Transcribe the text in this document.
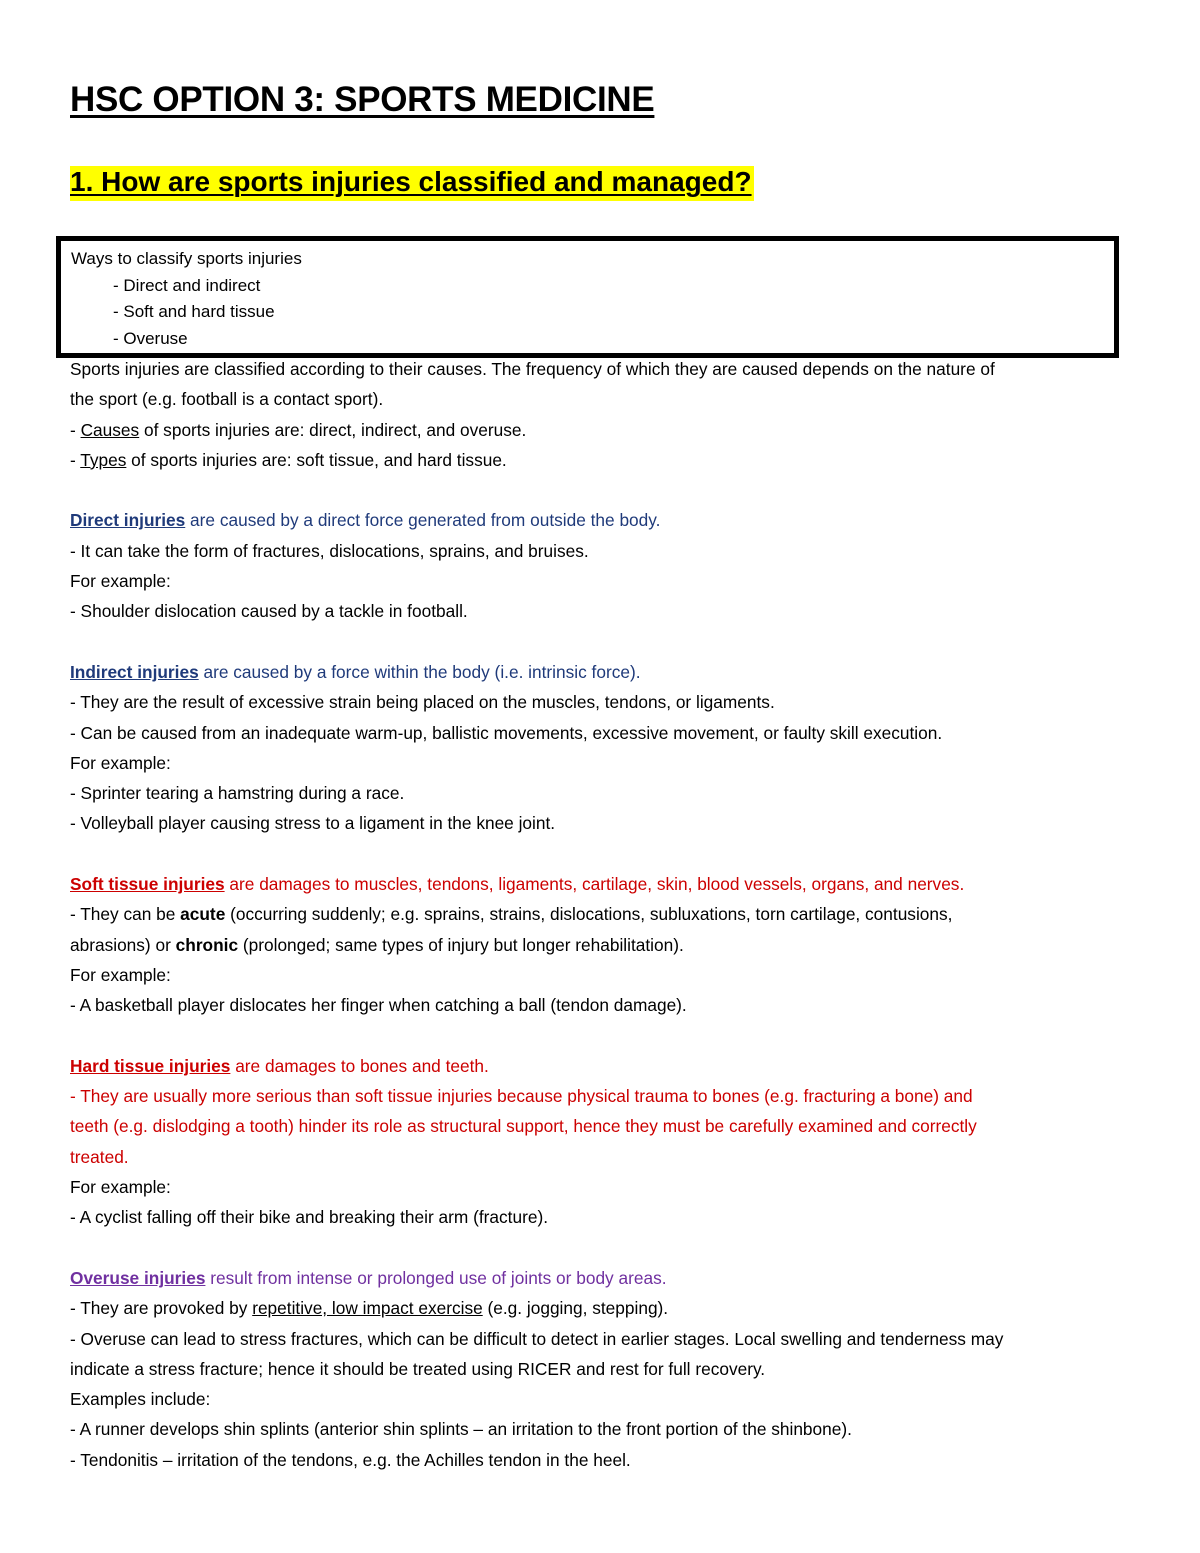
HSC OPTION 3: SPORTS MEDICINE
1. How are sports injuries classified and managed?
Ways to classify sports injuries
- Direct and indirect
- Soft and hard tissue
- Overuse

Sports injuries are classified according to their causes. The frequency of which they are caused depends on the nature of

the sport (e.g. football is a contact sport).

- Causes of sports injuries are: direct, indirect, and overuse.

- Types of sports injuries are: soft tissue, and hard tissue.

Direct injuries are caused by a direct force generated from outside the body.

- It can take the form of fractures, dislocations, sprains, and bruises.

For example:

- Shoulder dislocation caused by a tackle in football.

Indirect injuries are caused by a force within the body (i.e. intrinsic force).

- They are the result of excessive strain being placed on the muscles, tendons, or ligaments.

- Can be caused from an inadequate warm-up, ballistic movements, excessive movement, or faulty skill execution.

For example:

- Sprinter tearing a hamstring during a race.

- Volleyball player causing stress to a ligament in the knee joint.

Soft tissue injuries are damages to muscles, tendons, ligaments, cartilage, skin, blood vessels, organs, and nerves.

- They can be acute (occurring suddenly; e.g. sprains, strains, dislocations, subluxations, torn cartilage, contusions,

abrasions) or chronic (prolonged; same types of injury but longer rehabilitation).

For example:

- A basketball player dislocates her finger when catching a ball (tendon damage).

Hard tissue injuries are damages to bones and teeth.

- They are usually more serious than soft tissue injuries because physical trauma to bones (e.g. fracturing a bone) and

teeth (e.g. dislodging a tooth) hinder its role as structural support, hence they must be carefully examined and correctly

treated.

For example:

- A cyclist falling off their bike and breaking their arm (fracture).

Overuse injuries result from intense or prolonged use of joints or body areas.

- They are provoked by repetitive, low impact exercise (e.g. jogging, stepping).

- Overuse can lead to stress fractures, which can be difficult to detect in earlier stages. Local swelling and tenderness may

indicate a stress fracture; hence it should be treated using RICER and rest for full recovery.

Examples include:

- A runner develops shin splints (anterior shin splints – an irritation to the front portion of the shinbone).

- Tendonitis – irritation of the tendons, e.g. the Achilles tendon in the heel.
